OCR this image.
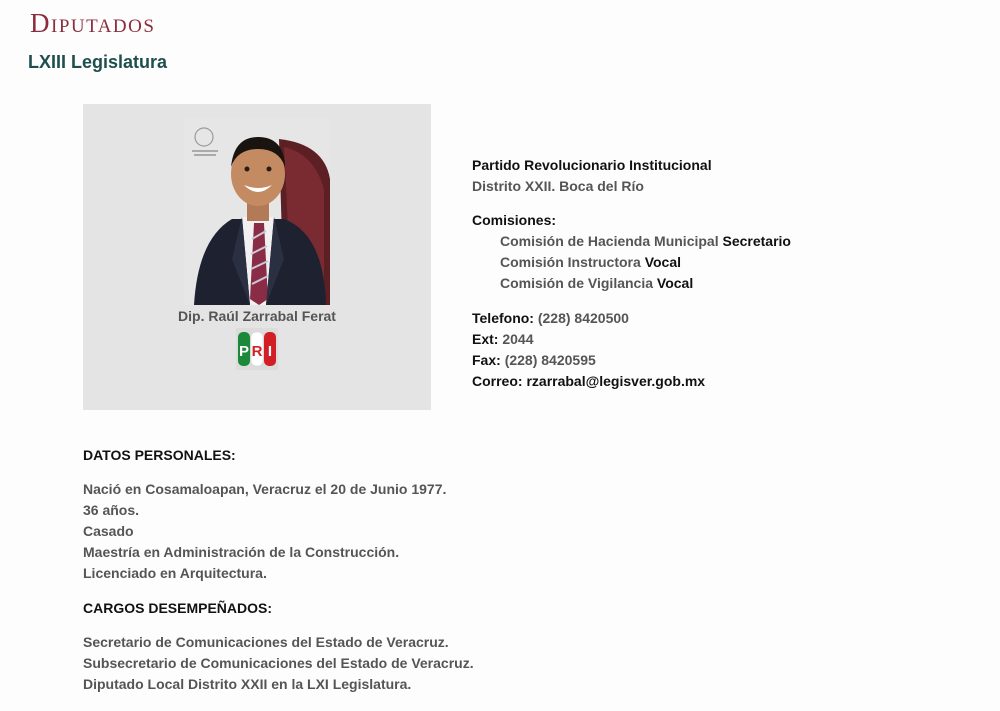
Diputados
LXIII Legislatura
Dip. Raúl Zarrabal Ferat
P R I
Partido Revolucionario Institucional
Distrito XXII. Boca del Río
Comisiones:
Comisión de Hacienda Municipal Secretario
Comisión Instructora Vocal
Comisión de Vigilancia Vocal
Telefono: (228) 8420500
Ext: 2044
Fax: (228) 8420595
Correo: rzarrabal@legisver.gob.mx
DATOS PERSONALES:
Nació en Cosamaloapan, Veracruz el 20 de Junio 1977.
36 años.
Casado
Maestría en Administración de la Construcción.
Licenciado en Arquitectura.
CARGOS DESEMPEÑADOS:
Secretario de Comunicaciones del Estado de Veracruz.
Subsecretario de Comunicaciones del Estado de Veracruz.
Diputado Local Distrito XXII en la LXI Legislatura.
